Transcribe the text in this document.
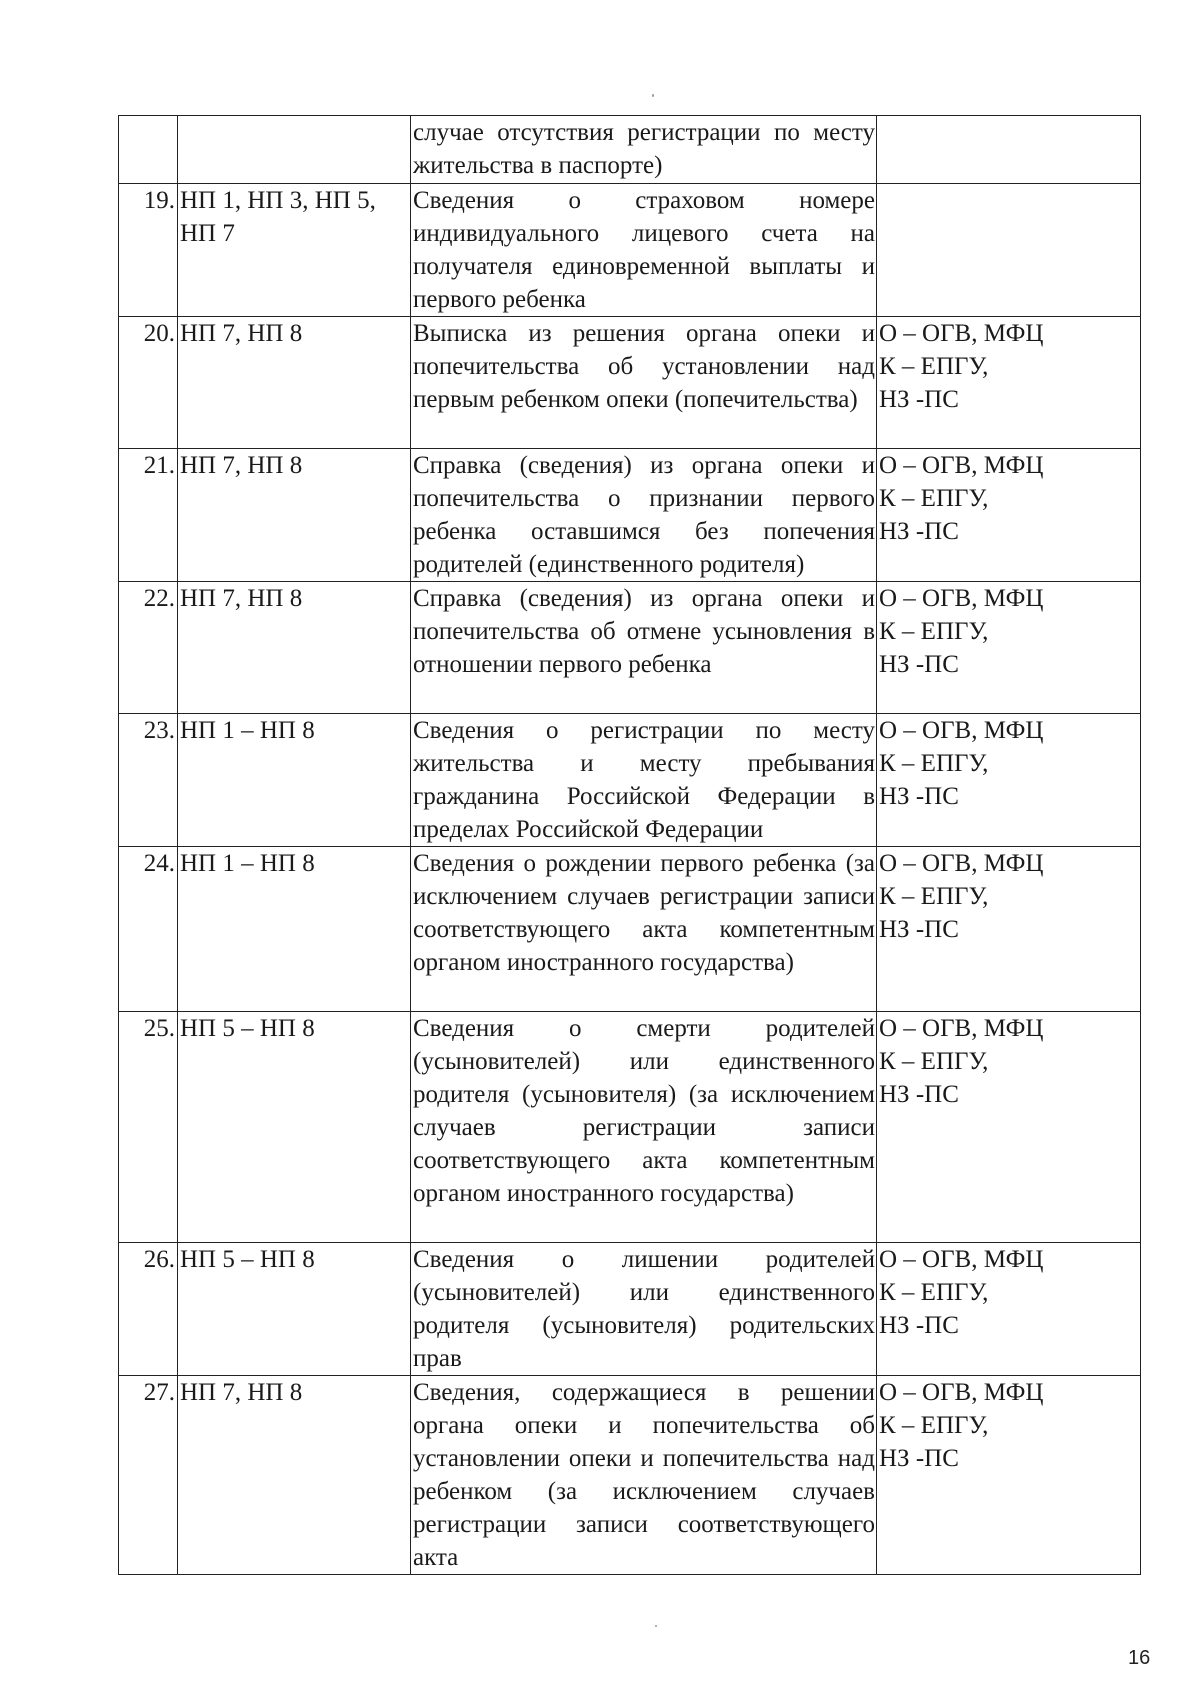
		случае отсутствия регистрации по месту жительства в паспорте)	
19.	НП 1, НП 3, НП 5, НП 7	Сведения о страховом номере индивидуального лицевого счета на получателя единовременной выплаты и первого ребенка	
20.	НП 7, НП 8	Выписка из решения органа опеки и попечительства об установлении над первым ребенком опеки (попечительства)	О – ОГВ, МФЦ
К – ЕПГУ,
НЗ -ПС
21.	НП 7, НП 8	Справка (сведения) из органа опеки и попечительства о признании первого ребенка оставшимся без попечения родителей (единственного родителя)	О – ОГВ, МФЦ
К – ЕПГУ,
НЗ -ПС
22.	НП 7, НП 8	Справка (сведения) из органа опеки и попечительства об отмене усыновления в отношении первого ребенка	О – ОГВ, МФЦ
К – ЕПГУ,
НЗ -ПС
23.	НП 1 – НП 8	Сведения о регистрации по месту жительства и месту пребывания гражданина Российской Федерации в пределах Российской Федерации	О – ОГВ, МФЦ
К – ЕПГУ,
НЗ -ПС
24.	НП 1 – НП 8	Сведения о рождении первого ребенка (за исключением случаев регистрации записи соответствующего акта компетентным органом иностранного государства)	О – ОГВ, МФЦ
К – ЕПГУ,
НЗ -ПС
25.	НП 5 – НП 8	Сведения о смерти родителей (усыновителей) или единственного родителя (усыновителя) (за исключением случаев регистрации записи соответствующего акта компетентным органом иностранного государства)	О – ОГВ, МФЦ
К – ЕПГУ,
НЗ -ПС
26.	НП 5 – НП 8	Сведения о лишении родителей (усыновителей) или единственного родителя (усыновителя) родительских прав	О – ОГВ, МФЦ
К – ЕПГУ,
НЗ -ПС
27.	НП 7, НП 8	Сведения, содержащиеся в решении органа опеки и попечительства об установлении опеки и попечительства над ребенком (за исключением случаев регистрации записи соответствующего акта	О – ОГВ, МФЦ
К – ЕПГУ,
НЗ -ПС
16
